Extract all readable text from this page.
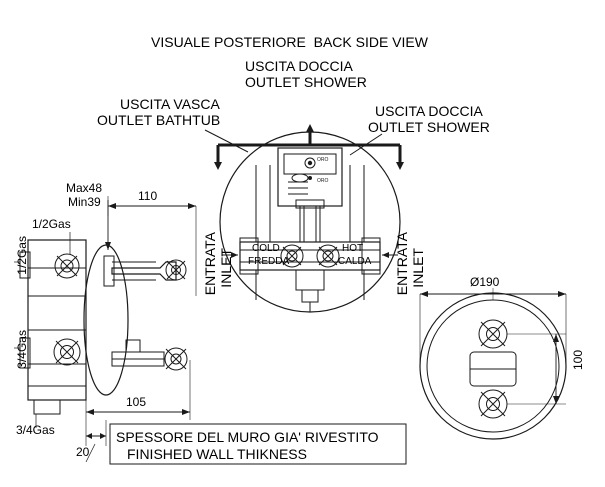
ORO
ORO
VISUALE POSTERIORE  BACK SIDE VIEW
USCITA DOCCIA
OUTLET SHOWER
USCITA VASCA
OUTLET BATHTUB
USCITA DOCCIA
OUTLET SHOWER
ENTRATA INLET	ENTRATA INLET
COLD
FREDDA
HOT
CALDA
Max48
Min39	110
105
20
1/2Gas
1/2Gas
3/4Gas
3/4Gas
Ø190
100
SPESSORE DEL MURO GIA' RIVESTITO
FINISHED WALL THIKNESS
